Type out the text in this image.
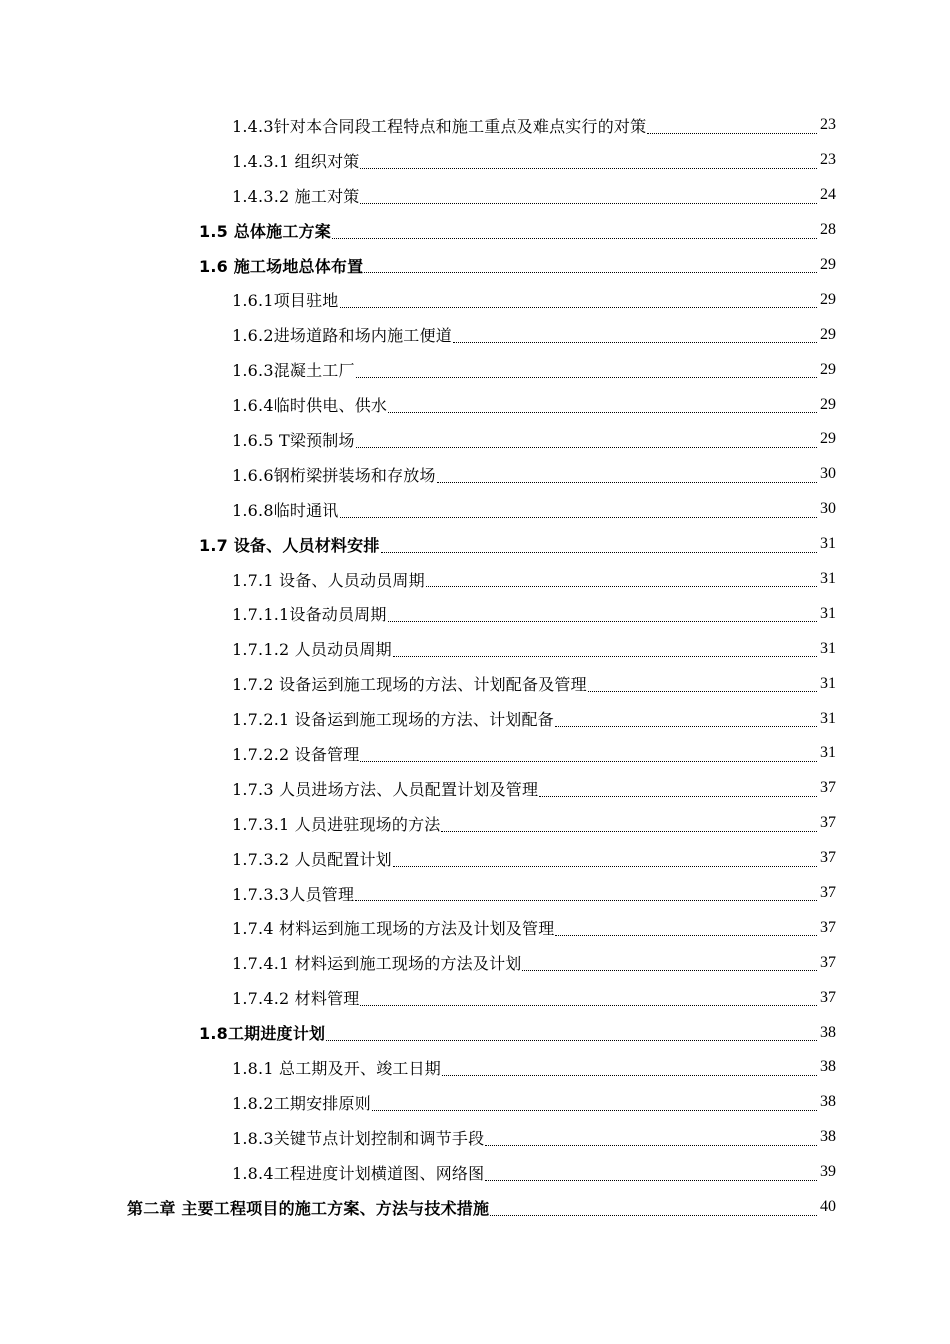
1.4.3针对本合同段工程特点和施工重点及难点实行的对策	23
1.4.3.1 组织对策	23
1.4.3.2 施工对策	24
1.5 总体施工方案	28
1.6 施工场地总体布置	29
1.6.1项目驻地	29
1.6.2进场道路和场内施工便道	29
1.6.3混凝土工厂	29
1.6.4临时供电、供水	29
1.6.5 T梁预制场	29
1.6.6钢桁梁拼装场和存放场	30
1.6.8临时通讯	30
1.7 设备、人员材料安排	31
1.7.1 设备、人员动员周期	31
1.7.1.1设备动员周期	31
1.7.1.2 人员动员周期	31
1.7.2 设备运到施工现场的方法、计划配备及管理	31
1.7.2.1 设备运到施工现场的方法、计划配备	31
1.7.2.2 设备管理	31
1.7.3 人员进场方法、人员配置计划及管理	37
1.7.3.1 人员进驻现场的方法	37
1.7.3.2 人员配置计划	37
1.7.3.3人员管理	37
1.7.4 材料运到施工现场的方法及计划及管理	37
1.7.4.1 材料运到施工现场的方法及计划	37
1.7.4.2 材料管理	37
1.8工期进度计划	38
1.8.1 总工期及开、竣工日期	38
1.8.2工期安排原则	38
1.8.3关键节点计划控制和调节手段	38
1.8.4工程进度计划横道图、网络图	39
第二章 主要工程项目的施工方案、方法与技术措施	40
